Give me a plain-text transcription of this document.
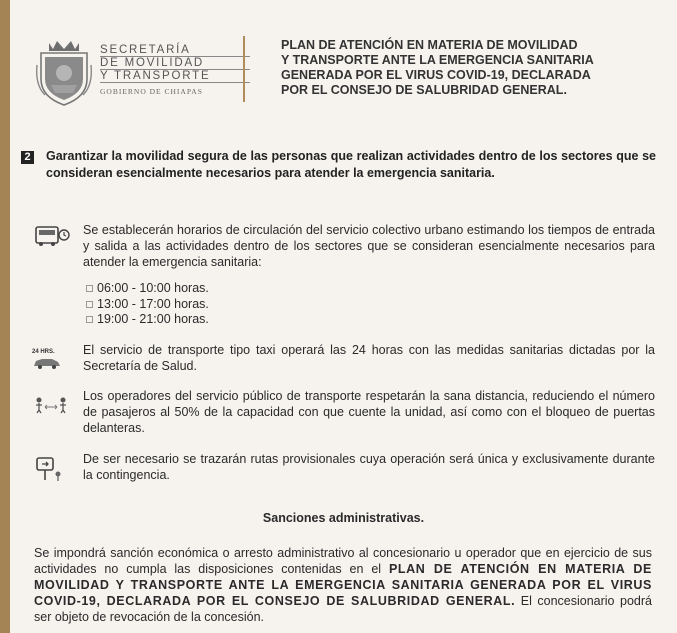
SECRETARÍA
DE MOVILIDAD
Y TRANSPORTE
GOBIERNO DE CHIAPAS
PLAN DE ATENCIÓN EN MATERIA DE MOVILIDAD
Y TRANSPORTE ANTE LA EMERGENCIA SANITARIA
GENERADA POR EL VIRUS COVID-19, DECLARADA
POR EL CONSEJO DE SALUBRIDAD GENERAL.
2 Garantizar la movilidad segura de las personas que realizan actividades dentro de los sectores que se consideran esencialmente necesarios para atender la emergencia sanitaria.
Se establecerán horarios de circulación del servicio colectivo urbano estimando los tiempos de entrada y salida a las actividades dentro de los sectores que se consideran esencialmente necesarios para atender la emergencia sanitaria:
06:00 - 10:00 horas.
13:00 - 17:00 horas.
19:00 - 21:00 horas.
24 HRS.	El servicio de transporte tipo taxi operará las 24 horas con las medidas sanitarias dictadas por la Secretaría de Salud.
Los operadores del servicio público de transporte respetarán la sana distancia, reduciendo el número de pasajeros al 50% de la capacidad con que cuente la unidad, así como con el bloqueo de puertas delanteras.
De ser necesario se trazarán rutas provisionales cuya operación será única y exclusivamente durante la contingencia.
Sanciones administrativas.
Se impondrá sanción económica o arresto administrativo al concesionario u operador que en ejercicio de sus actividades no cumpla las disposiciones contenidas en el PLAN DE ATENCIÓN EN MATERIA DE MOVILIDAD Y TRANSPORTE ANTE LA EMERGENCIA SANITARIA GENERADA POR EL VIRUS COVID-19, DECLARADA POR EL CONSEJO DE SALUBRIDAD GENERAL. El concesionario podrá ser objeto de revocación de la concesión.
